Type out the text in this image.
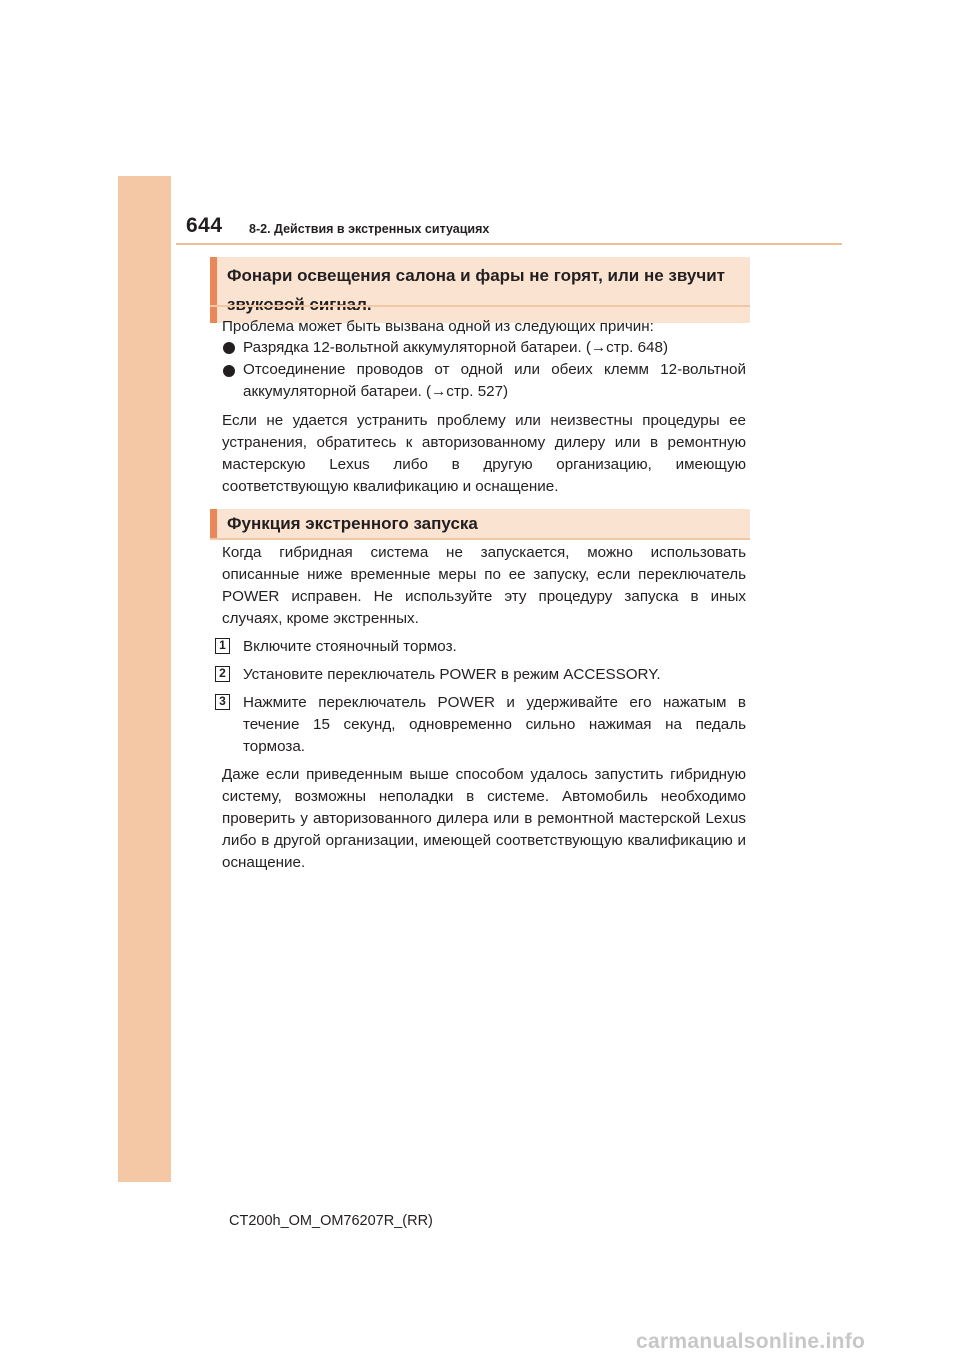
644 8-2. Действия в экстренных ситуациях
Фонари освещения салона и фары не горят, или не звучит
Проблема может быть вызвана одной из следующих причин:
Разрядка 12-вольтной аккумуляторной батареи. (→стр. 648)
Отсоединение проводов от одной или обеих клемм 12-вольтной аккумуляторной батареи. (→стр. 527)
Если не удается устранить проблему или неизвестны процедуры ее устранения, обратитесь к авторизованному дилеру или в ремонтную мастерскую Lexus либо в другую организацию, имеющую соответствующую квалификацию и оснащение.
Функция экстренного запуска
Когда гибридная система не запускается, можно использовать описанные ниже временные меры по ее запуску, если переключатель POWER исправен. Не используйте эту процедуру запуска в иных случаях, кроме экстренных.
1 Включите стояночный тормоз.
2 Установите переключатель POWER в режим ACCESSORY.
3 Нажмите переключатель POWER и удерживайте его нажатым в течение 15 секунд, одновременно сильно нажимая на педаль тормоза.
Даже если приведенным выше способом удалось запустить гибридную систему, возможны неполадки в системе. Автомобиль необходимо проверить у авторизованного дилера или в ремонтной мастерской Lexus либо в другой организации, имеющей соответствующую квалификацию и оснащение.
CT200h_OM_OM76207R_(RR)
carmanualsonline.info
